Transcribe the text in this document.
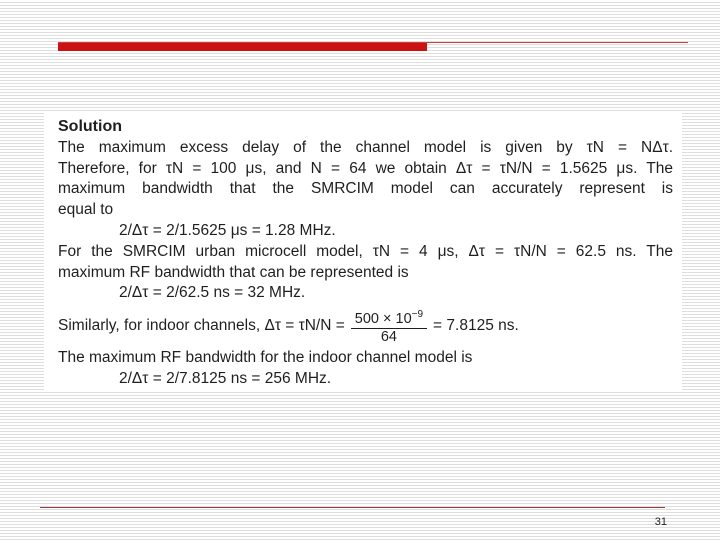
Solution
The maximum excess delay of the channel model is given by τN = NΔτ.
Therefore, for τN = 100 μs, and N = 64 we obtain Δτ = τN/N = 1.5625 μs. The
maximum bandwidth that the SMRCIM model can accurately represent is
equal to
2/Δτ = 2/1.5625 μs = 1.28 MHz.
For the SMRCIM urban microcell model, τN = 4 μs, Δτ = τN/N = 62.5 ns. The
maximum RF bandwidth that can be represented is
2/Δτ = 2/62.5 ns = 32 MHz.
Similarly, for indoor channels, $\Delta\tau = \tau N/N = \frac{500 \times 10^{-9}}{64} = 7.8125$ ns.
The maximum RF bandwidth for the indoor channel model is
2/Δτ = 2/7.8125 ns = 256 MHz.
31
